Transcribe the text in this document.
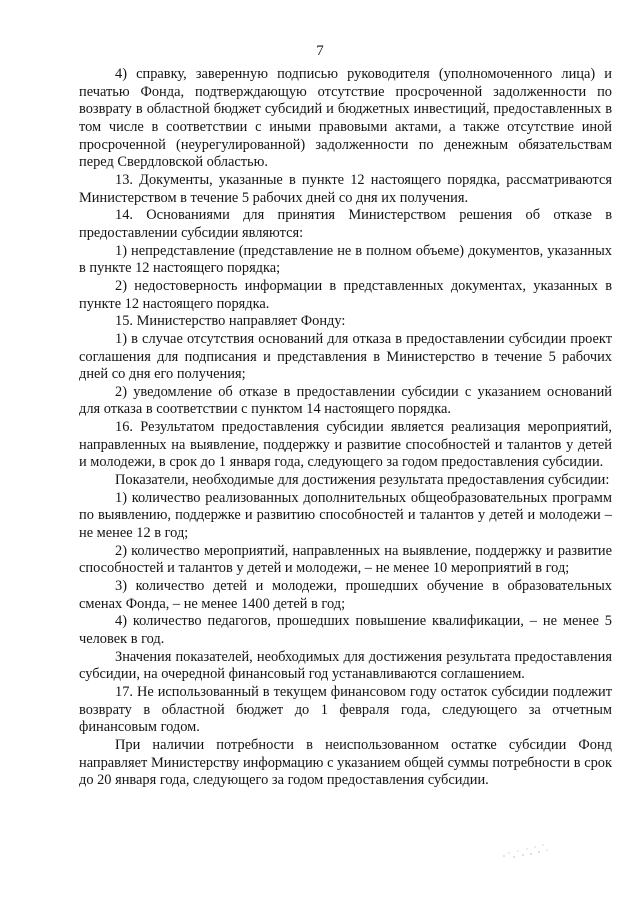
7

4) справку, заверенную подписью руководителя (уполномоченного лица) и печатью Фонда, подтверждающую отсутствие просроченной задолженности по возврату в областной бюджет субсидий и бюджетных инвестиций, предоставленных в том числе в соответствии с иными правовыми актами, а также отсутствие иной просроченной (неурегулированной) задолженности по денежным обязательствам перед Свердловской областью.

13. Документы, указанные в пункте 12 настоящего порядка, рассматриваются Министерством в течение 5 рабочих дней со дня их получения.

14. Основаниями для принятия Министерством решения об отказе в предоставлении субсидии являются:

1) непредставление (представление не в полном объеме) документов, указанных в пункте 12 настоящего порядка;

2) недостоверность информации в представленных документах, указанных в пункте 12 настоящего порядка.

15. Министерство направляет Фонду:

1) в случае отсутствия оснований для отказа в предоставлении субсидии проект соглашения для подписания и представления в Министерство в течение 5 рабочих дней со дня его получения;

2) уведомление об отказе в предоставлении субсидии с указанием оснований для отказа в соответствии с пунктом 14 настоящего порядка.

16. Результатом предоставления субсидии является реализация мероприятий, направленных на выявление, поддержку и развитие способностей и талантов у детей и молодежи, в срок до 1 января года, следующего за годом предоставления субсидии.

Показатели, необходимые для достижения результата предоставления субсидии:

1) количество реализованных дополнительных общеобразовательных программ по выявлению, поддержке и развитию способностей и талантов у детей и молодежи – не менее 12 в год;

2) количество мероприятий, направленных на выявление, поддержку и развитие способностей и талантов у детей и молодежи, – не менее 10 мероприятий в год;

3) количество детей и молодежи, прошедших обучение в образовательных сменах Фонда, – не менее 1400 детей в год;

4) количество педагогов, прошедших повышение квалификации, – не менее 5 человек в год.

Значения показателей, необходимых для достижения результата предоставления субсидии, на очередной финансовый год устанавливаются соглашением.

17. Не использованный в текущем финансовом году остаток субсидии подлежит возврату в областной бюджет до 1 февраля года, следующего за отчетным финансовым годом.

При наличии потребности в неиспользованном остатке субсидии Фонд направляет Министерству информацию с указанием общей суммы потребности в срок до 20 января года, следующего за годом предоставления субсидии.
